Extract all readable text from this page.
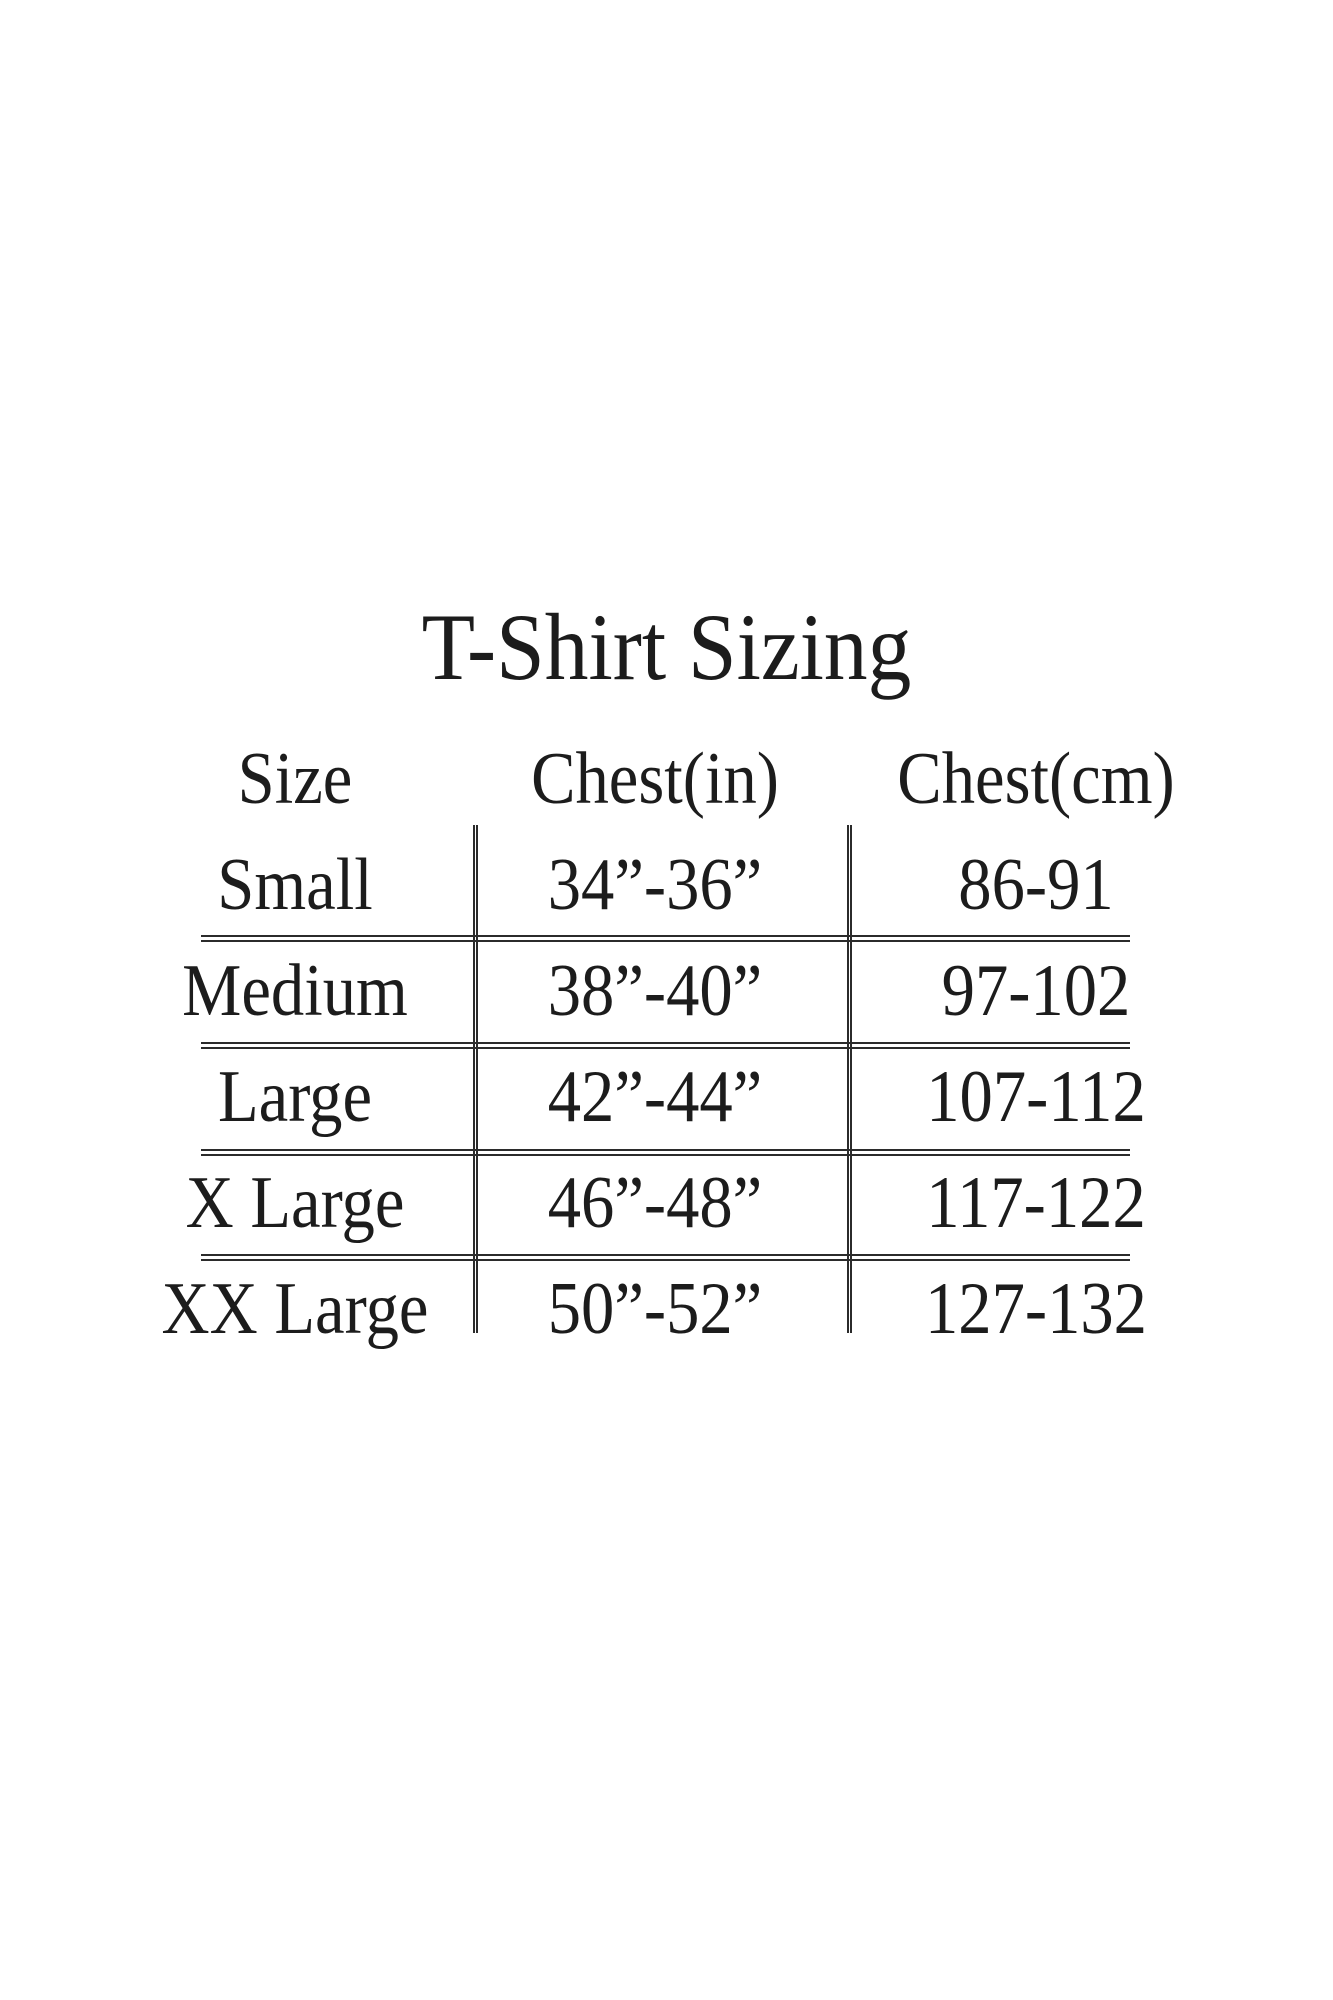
T-Shirt Sizing
Size	Chest(in)	Chest(cm)
Small	34”-36”	86-91
Medium	38”-40”	97-102
Large	42”-44”	107-112
X Large	46”-48”	117-122
XX Large	50”-52”	127-132
